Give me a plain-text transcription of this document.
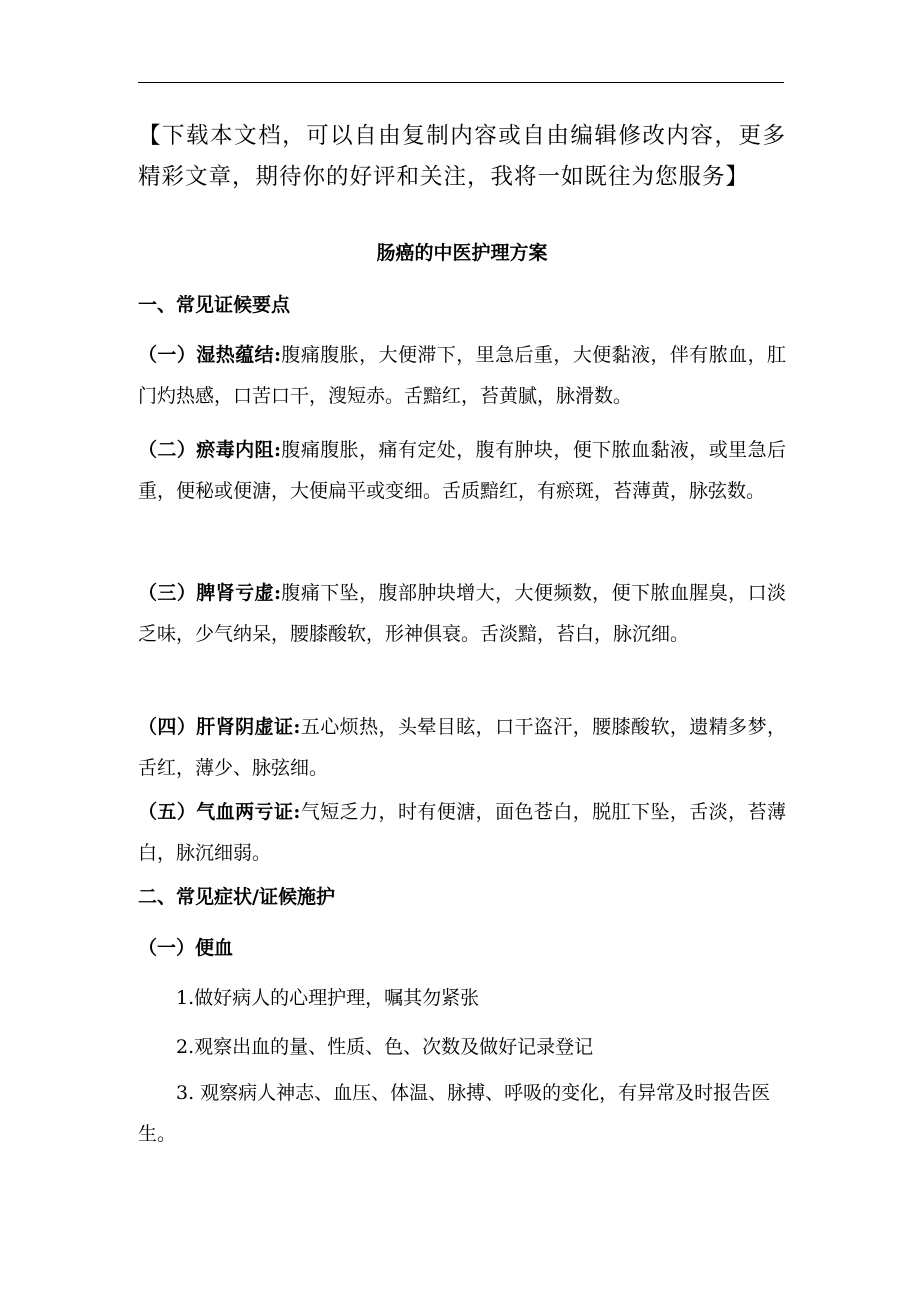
【下载本文档，可以自由复制内容或自由编辑修改内容，更多精彩文章，期待你的好评和关注，我将一如既往为您服务】
肠癌的中医护理方案
一、常见证候要点
（一）湿热蕴结:腹痛腹胀，大便滞下，里急后重，大便黏液，伴有脓血，肛门灼热感，口苦口干，溲短赤。舌黯红，苔黄腻，脉滑数。
（二）瘀毒内阻:腹痛腹胀，痛有定处，腹有肿块，便下脓血黏液，或里急后重，便秘或便溏，大便扁平或变细。舌质黯红，有瘀斑，苔薄黄，脉弦数。
（三）脾肾亏虚:腹痛下坠，腹部肿块增大，大便频数，便下脓血腥臭，口淡乏味，少气纳呆，腰膝酸软，形神俱衰。舌淡黯，苔白，脉沉细。
（四）肝肾阴虚证:五心烦热，头晕目眩，口干盗汗，腰膝酸软，遗精多梦，舌红，薄少、脉弦细。
（五）气血两亏证:气短乏力，时有便溏，面色苍白，脱肛下坠，舌淡，苔薄白，脉沉细弱。
二、常见症状/证候施护
（一）便血
1.做好病人的心理护理，嘱其勿紧张
2.观察出血的量、性质、色、次数及做好记录登记
3. 观察病人神志、血压、体温、脉搏、呼吸的变化，有异常及时报告医生。
